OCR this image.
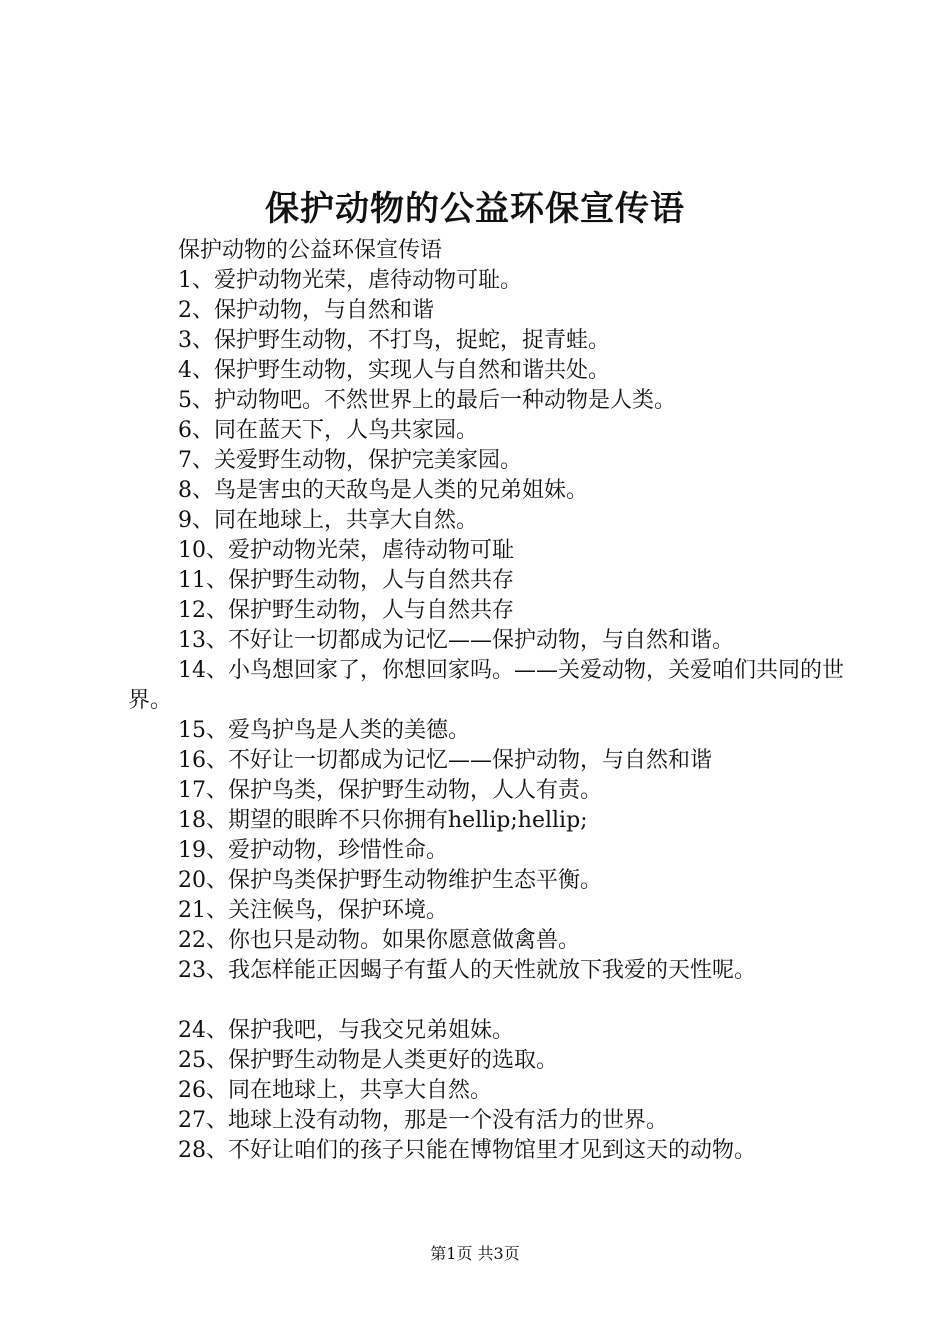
保护动物的公益环保宣传语

保护动物的公益环保宣传语

1、爱护动物光荣，虐待动物可耻。

2、保护动物，与自然和谐

3、保护野生动物，不打鸟，捉蛇，捉青蛙。

4、保护野生动物，实现人与自然和谐共处。

5、护动物吧。不然世界上的最后一种动物是人类。

6、同在蓝天下，人鸟共家园。

7、关爱野生动物，保护完美家园。

8、鸟是害虫的天敌鸟是人类的兄弟姐妹。

9、同在地球上，共享大自然。

10、爱护动物光荣，虐待动物可耻

11、保护野生动物，人与自然共存

12、保护野生动物，人与自然共存

13、不好让一切都成为记忆——保护动物，与自然和谐。

14、小鸟想回家了，你想回家吗。——关爱动物，关爱咱们共同的世界。

15、爱鸟护鸟是人类的美德。

16、不好让一切都成为记忆——保护动物，与自然和谐

17、保护鸟类，保护野生动物，人人有责。

18、期望的眼眸不只你拥有hellip;hellip;

19、爱护动物，珍惜性命。

20、保护鸟类保护野生动物维护生态平衡。

21、关注候鸟，保护环境。

22、你也只是动物。如果你愿意做禽兽。

23、我怎样能正因蝎子有蜇人的天性就放下我爱的天性呢。

24、保护我吧，与我交兄弟姐妹。

25、保护野生动物是人类更好的选取。

26、同在地球上，共享大自然。

27、地球上没有动物，那是一个没有活力的世界。

28、不好让咱们的孩子只能在博物馆里才见到这天的动物。

第1页 共3页
